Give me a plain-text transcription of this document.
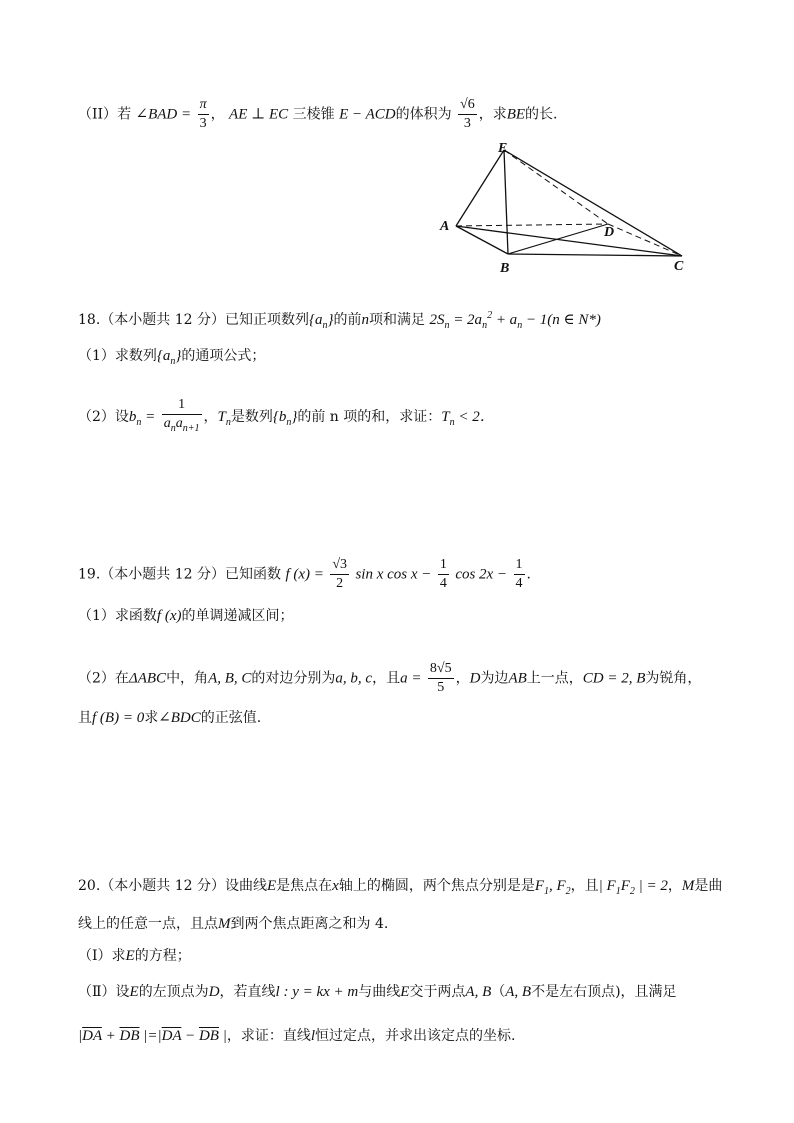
（II）若 ∠BAD = $\frac{\pi}{3}$ ， AE ⊥ EC 三棱锥 E − ACD的体积为 $\frac{√6}{3}$ ，求BE的长.
E
A	D
B	C
18.（本小题共 12 分）已知正项数列$\{a_n\}$的前n项和满足 $2S_n = 2a_n^2 + a_n - 1(n$ ∈ N*)
（1）求数列$\{a_n\}$的通项公式；
（2）设$b_n = \frac{1}{a_na_{n+1}}$ ，$T_n$是数列$\{b_n\}$的前 n 项的和，求证：$T_n < 2$．
19.（本小题共 12 分）已知函数 f $(x) = \frac{√3}{2}$ sin x $\cos x - \frac{1}{4}$ $\cos 2x - \frac{1}{4}$ .
（1）求函数f (x)的单调递减区间；
（2）在ΔABC中，角A, B, C的对边分别为a, b, c，且$a = \frac{8√5}{5}$ ，D为边AB上一点，CD = 2, B为锐角，
且f (B) = 0求∠BDC的正弦值.
20.（本小题共 12 分）设曲线E是焦点在x轴上的椭圆，两个焦点分别是是$F_1$, $F_2$，且| $F_1F_2$ | = 2，M是曲
线上的任意一点，且点M到两个焦点距离之和为 4.
（Ⅰ）求E的方程；
（Ⅱ）设E的左顶点为D，若直线l : y = kx + m与曲线E交于两点A, B（A, B不是左右顶点)，且满足
$|\overline{DA} + \overline{DB}$ $|=|\overline{DA} - \overline{DB}$ |，求证：直线l恒过定点，并求出该定点的坐标.
